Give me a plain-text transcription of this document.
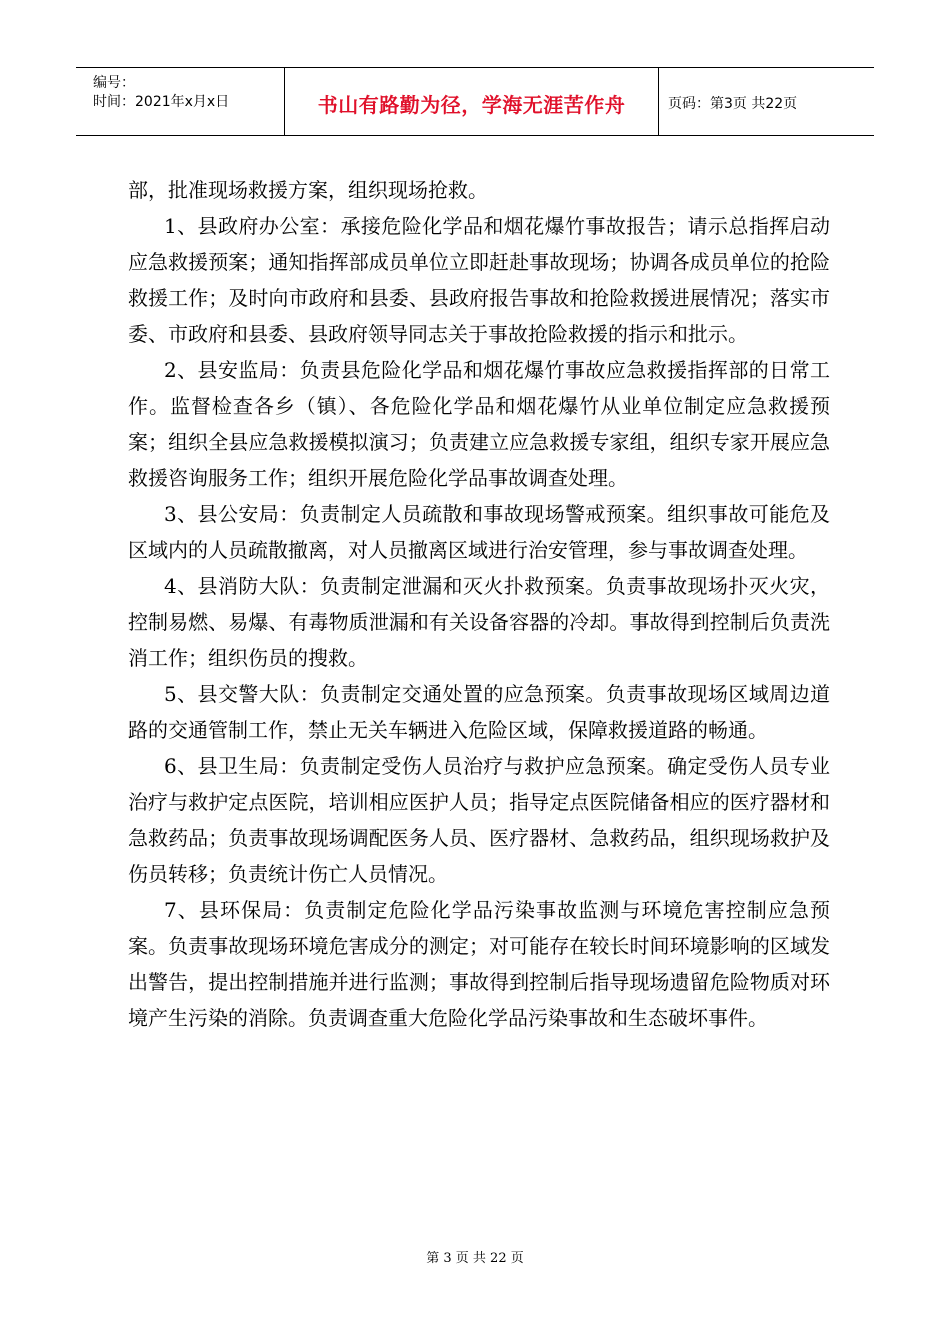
编号：
时间：2021年x月x日	书山有路勤为径，学海无涯苦作舟	页码：第3页 共22页

部，批准现场救援方案，组织现场抢救。

1、县政府办公室：承接危险化学品和烟花爆竹事故报告；请示总指挥启动应急救援预案；通知指挥部成员单位立即赶赴事故现场；协调各成员单位的抢险救援工作；及时向市政府和县委、县政府报告事故和抢险救援进展情况；落实市委、市政府和县委、县政府领导同志关于事故抢险救援的指示和批示。

2、县安监局：负责县危险化学品和烟花爆竹事故应急救援指挥部的日常工作。监督检查各乡（镇）、各危险化学品和烟花爆竹从业单位制定应急救援预案；组织全县应急救援模拟演习；负责建立应急救援专家组，组织专家开展应急救援咨询服务工作；组织开展危险化学品事故调查处理。

3、县公安局：负责制定人员疏散和事故现场警戒预案。组织事故可能危及区域内的人员疏散撤离，对人员撤离区域进行治安管理，参与事故调查处理。

4、县消防大队：负责制定泄漏和灭火扑救预案。负责事故现场扑灭火灾，控制易燃、易爆、有毒物质泄漏和有关设备容器的冷却。事故得到控制后负责洗消工作；组织伤员的搜救。

5、县交警大队：负责制定交通处置的应急预案。负责事故现场区域周边道路的交通管制工作，禁止无关车辆进入危险区域，保障救援道路的畅通。

6、县卫生局：负责制定受伤人员治疗与救护应急预案。确定受伤人员专业治疗与救护定点医院，培训相应医护人员；指导定点医院储备相应的医疗器材和急救药品；负责事故现场调配医务人员、医疗器材、急救药品，组织现场救护及伤员转移；负责统计伤亡人员情况。

7、县环保局：负责制定危险化学品污染事故监测与环境危害控制应急预案。负责事故现场环境危害成分的测定；对可能存在较长时间环境影响的区域发出警告，提出控制措施并进行监测；事故得到控制后指导现场遗留危险物质对环境产生污染的消除。负责调查重大危险化学品污染事故和生态破坏事件。

第 3 页 共 22 页
